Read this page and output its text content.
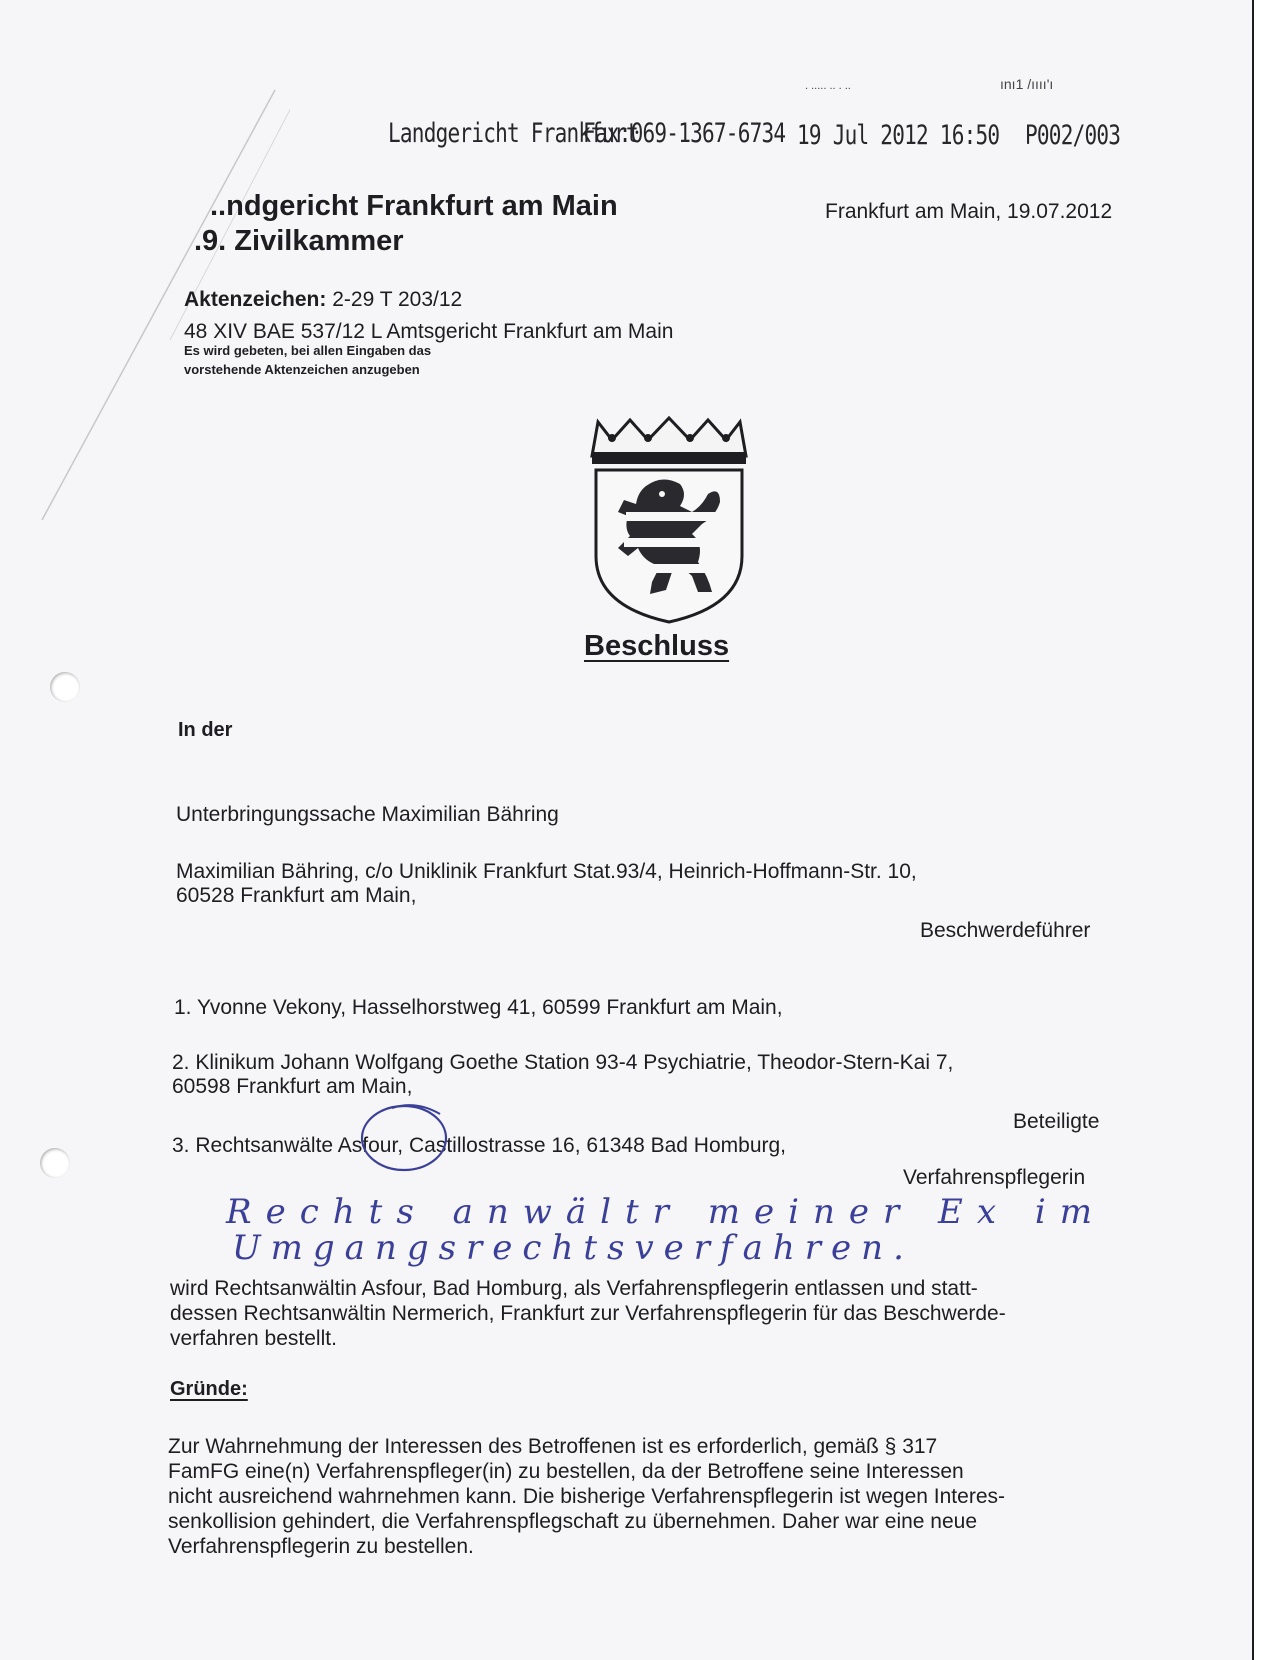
. ..... .. . ..	ını1 /ıııı'ı
Landgericht Frankfurt
Fax:069-1367-6734 19 Jul 2012 16:50 P002/003
..ndgericht Frankfurt am Main
.9. Zivilkammer
Frankfurt am Main, 19.07.2012
Aktenzeichen: 2-29 T 203/12
48 XIV BAE 537/12 L Amtsgericht Frankfurt am Main
Es wird gebeten, bei allen Eingaben das
vorstehende Aktenzeichen anzugeben
Beschluss
In der
Unterbringungssache Maximilian Bähring
Maximilian Bähring, c/o Uniklinik Frankfurt Stat.93/4, Heinrich-Hoffmann-Str. 10,
60528 Frankfurt am Main,
Beschwerdeführer
1. Yvonne Vekony, Hasselhorstweg 41, 60599 Frankfurt am Main,
2. Klinikum Johann Wolfgang Goethe Station 93-4 Psychiatrie, Theodor-Stern-Kai 7,
60598 Frankfurt am Main,
Beteiligte
3. Rechtsanwälte Asfour, Castillostrasse 16, 61348 Bad Homburg,
Verfahrenspflegerin
Rechts anwältr meiner Ex im
Umgangsrechtsverfahren.
wird Rechtsanwältin Asfour, Bad Homburg, als Verfahrenspflegerin entlassen und statt-
dessen Rechtsanwältin Nermerich, Frankfurt zur Verfahrenspflegerin für das Beschwerde-
verfahren bestellt.
Gründe:
Zur Wahrnehmung der Interessen des Betroffenen ist es erforderlich, gemäß § 317
FamFG eine(n) Verfahrenspfleger(in) zu bestellen, da der Betroffene seine Interessen
nicht ausreichend wahrnehmen kann. Die bisherige Verfahrenspflegerin ist wegen Interes-
senkollision gehindert, die Verfahrenspflegschaft zu übernehmen. Daher war eine neue
Verfahrenspflegerin zu bestellen.
